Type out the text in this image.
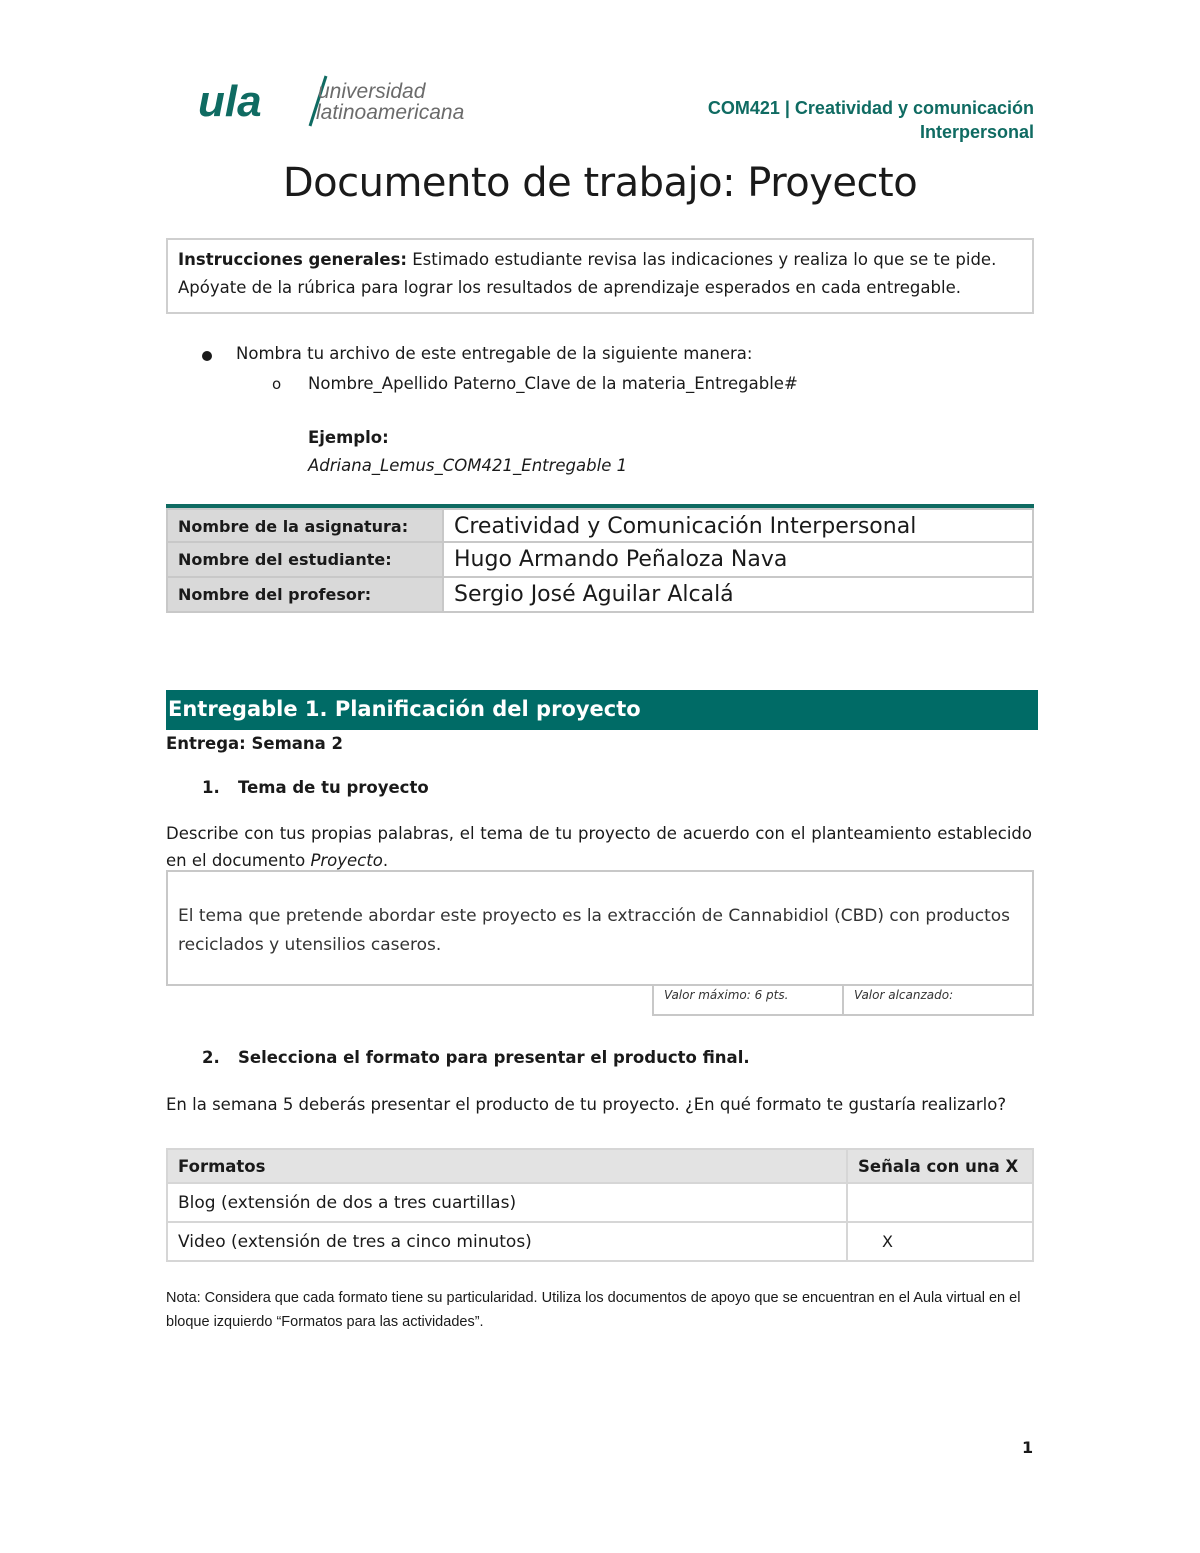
ula	universidad
latinoamericana	COM421 | Creatividad y comunicación
Interpersonal
Documento de trabajo: Proyecto
Instrucciones generales: Estimado estudiante revisa las indicaciones y realiza lo que se te pide. Apóyate de la rúbrica para lograr los resultados de aprendizaje esperados en cada entregable.
Nombra tu archivo de este entregable de la siguiente manera:
o Nombre_Apellido Paterno_Clave de la materia_Entregable#
Ejemplo:
Adriana_Lemus_COM421_Entregable 1
Nombre de la asignatura:	Creatividad y Comunicación Interpersonal
Nombre del estudiante:	Hugo Armando Peñaloza Nava
Nombre del profesor:	Sergio José Aguilar Alcalá
Entregable 1. Planificación del proyecto
Entrega: Semana 2
1. Tema de tu proyecto
Describe con tus propias palabras, el tema de tu proyecto de acuerdo con el planteamiento establecido en el documento Proyecto.
El tema que pretende abordar este proyecto es la extracción de Cannabidiol (CBD) con productos reciclados y utensilios caseros.
Valor máximo: 6 pts.	Valor alcanzado:
2. Selecciona el formato para presentar el producto final.
En la semana 5 deberás presentar el producto de tu proyecto. ¿En qué formato te gustaría realizarlo?
Formatos	Señala con una X
Blog (extensión de dos a tres cuartillas)	
Video (extensión de tres a cinco minutos)	X
Nota: Considera que cada formato tiene su particularidad. Utiliza los documentos de apoyo que se encuentran en el Aula virtual en el bloque izquierdo “Formatos para las actividades”.
1
